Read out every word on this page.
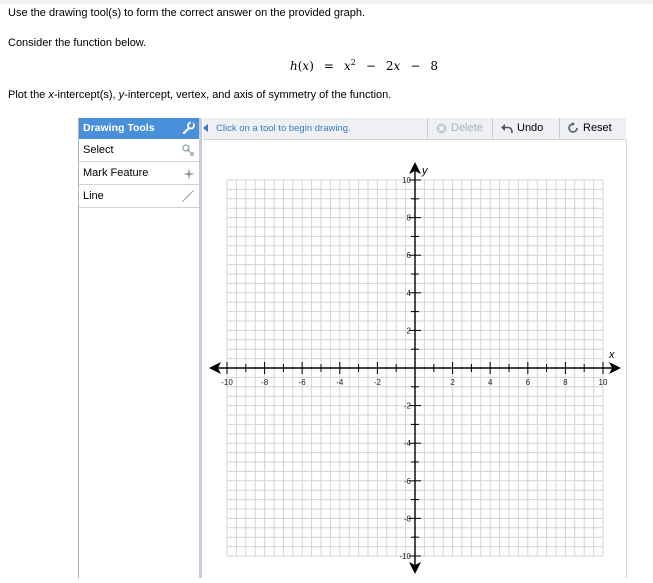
Use the drawing tool(s) to form the correct answer on the provided graph.
Consider the function below.
$h(x) = x^2 - 2x - 8$
Plot the x-intercept(s), y-intercept, vertex, and axis of symmetry of the function.
Drawing Tools
Select
Mark Feature
Line
Click on a tool to begin drawing.	Delete	Undo	Reset
x
y
-10	-8	-6	-4	-2	2	4	6	8	10
10
8
6
4
2
-2
-4
-6
-8
-10
